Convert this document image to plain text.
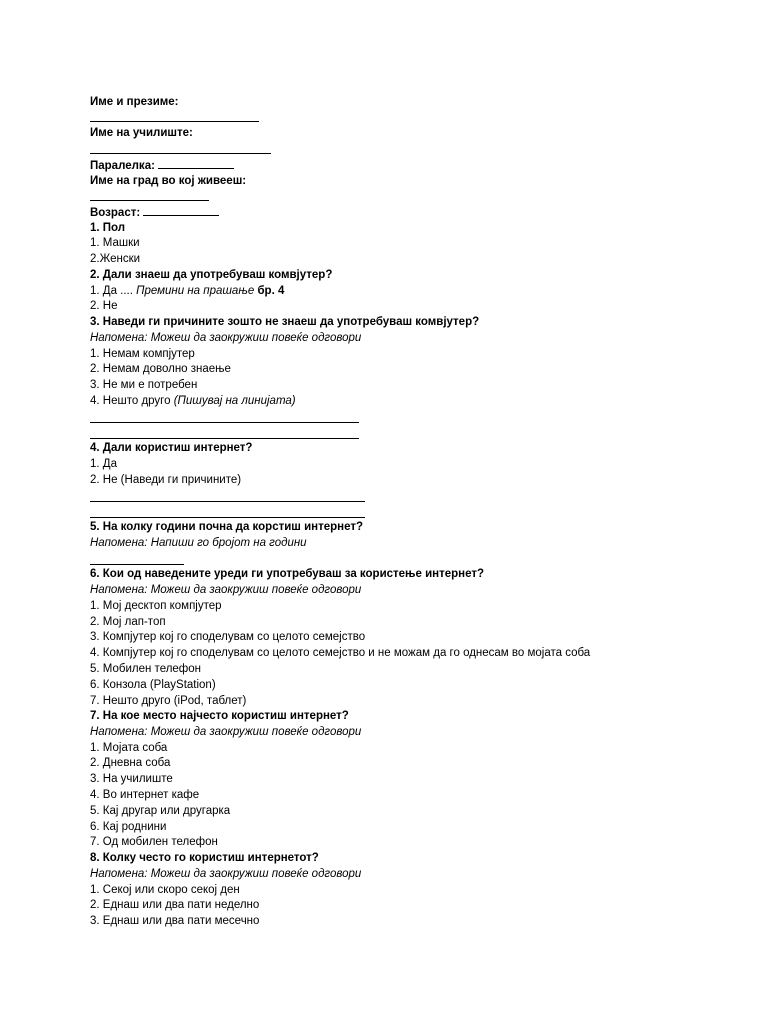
Име и презиме:
Име на училиште:
Паралелка:
Име на град во кој живееш:
Возраст:
1. Пол
1. Машки
2.Женски
2. Дали знаеш да употребуваш комвјутер?
1. Да .... Премини на прашање бр. 4
2. Не
3. Наведи ги причините зошто не знаеш да употребуваш комвјутер?
Напомена: Можеш да заокружиш повеќе одговори
1. Немам компјутер
2. Немам доволно знаење
3. Не ми е потребен
4. Нешто друго (Пишувај на линијата)
4. Дали користиш интернет?
1. Да
2. Не (Наведи ги причините)
5. На колку години почна да корстиш интернет?
Напомена: Напиши го бројот на години
6. Кои од наведените уреди ги употребуваш за користење интернет?
Напомена: Можеш да заокружиш повеќе одговори
1. Мој десктоп компјутер
2. Мој лап-топ
3. Компјутер кој го споделувам со целото семејство
4. Компјутер кој го споделувам со целото семејство и не можам да го однесам во мојата соба
5. Мобилен телефон
6. Конзола (PlayStation)
7. Нешто друго (iPod, таблет)
7. На кое место најчесто користиш интернет?
Напомена: Можеш да заокружиш повеќе одговори
1. Мојата соба
2. Дневна соба
3. На училиште
4. Во интернет кафе
5. Кај другар или другарка
6. Кај роднини
7. Од мобилен телефон
8. Колку често го користиш интернетот?
Напомена: Можеш да заокружиш повеќе одговори
1. Секој или скоро секој ден
2. Еднаш или два пати неделно
3. Еднаш или два пати месечно
